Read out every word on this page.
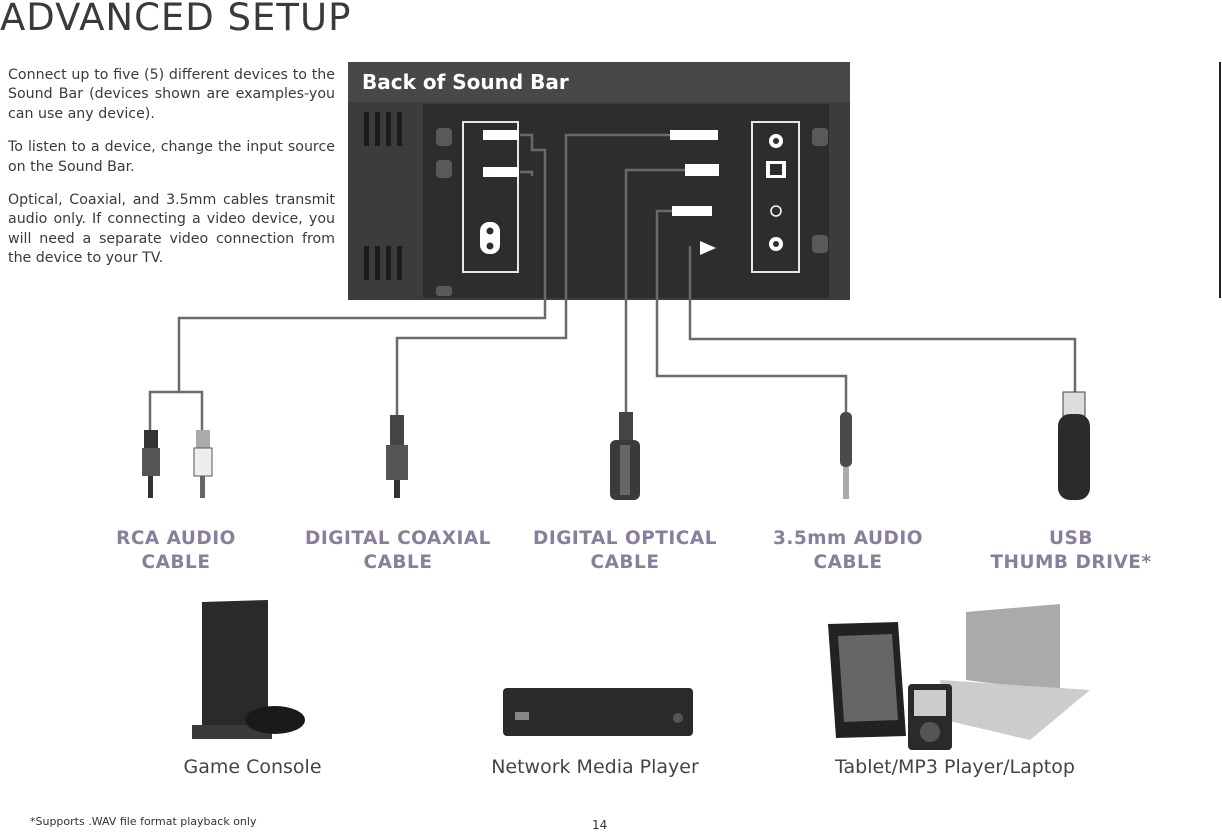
ADVANCED SETUP

Connect up to five (5) different devices to the Sound Bar (devices shown are examples-you can use any device).

To listen to a device, change the input source on the Sound Bar.

Optical, Coaxial, and 3.5mm cables transmit audio only. If connecting a video device, you will need a separate video connection from the device to your TV.

Back of Sound Bar
RCA AUDIO
CABLE
DIGITAL COAXIAL
CABLE
DIGITAL OPTICAL
CABLE
3.5mm AUDIO
CABLE
USB
THUMB DRIVE*
Game Console	Network Media Player	Tablet/MP3 Player/Laptop
*Supports .WAV file format playback only	14
